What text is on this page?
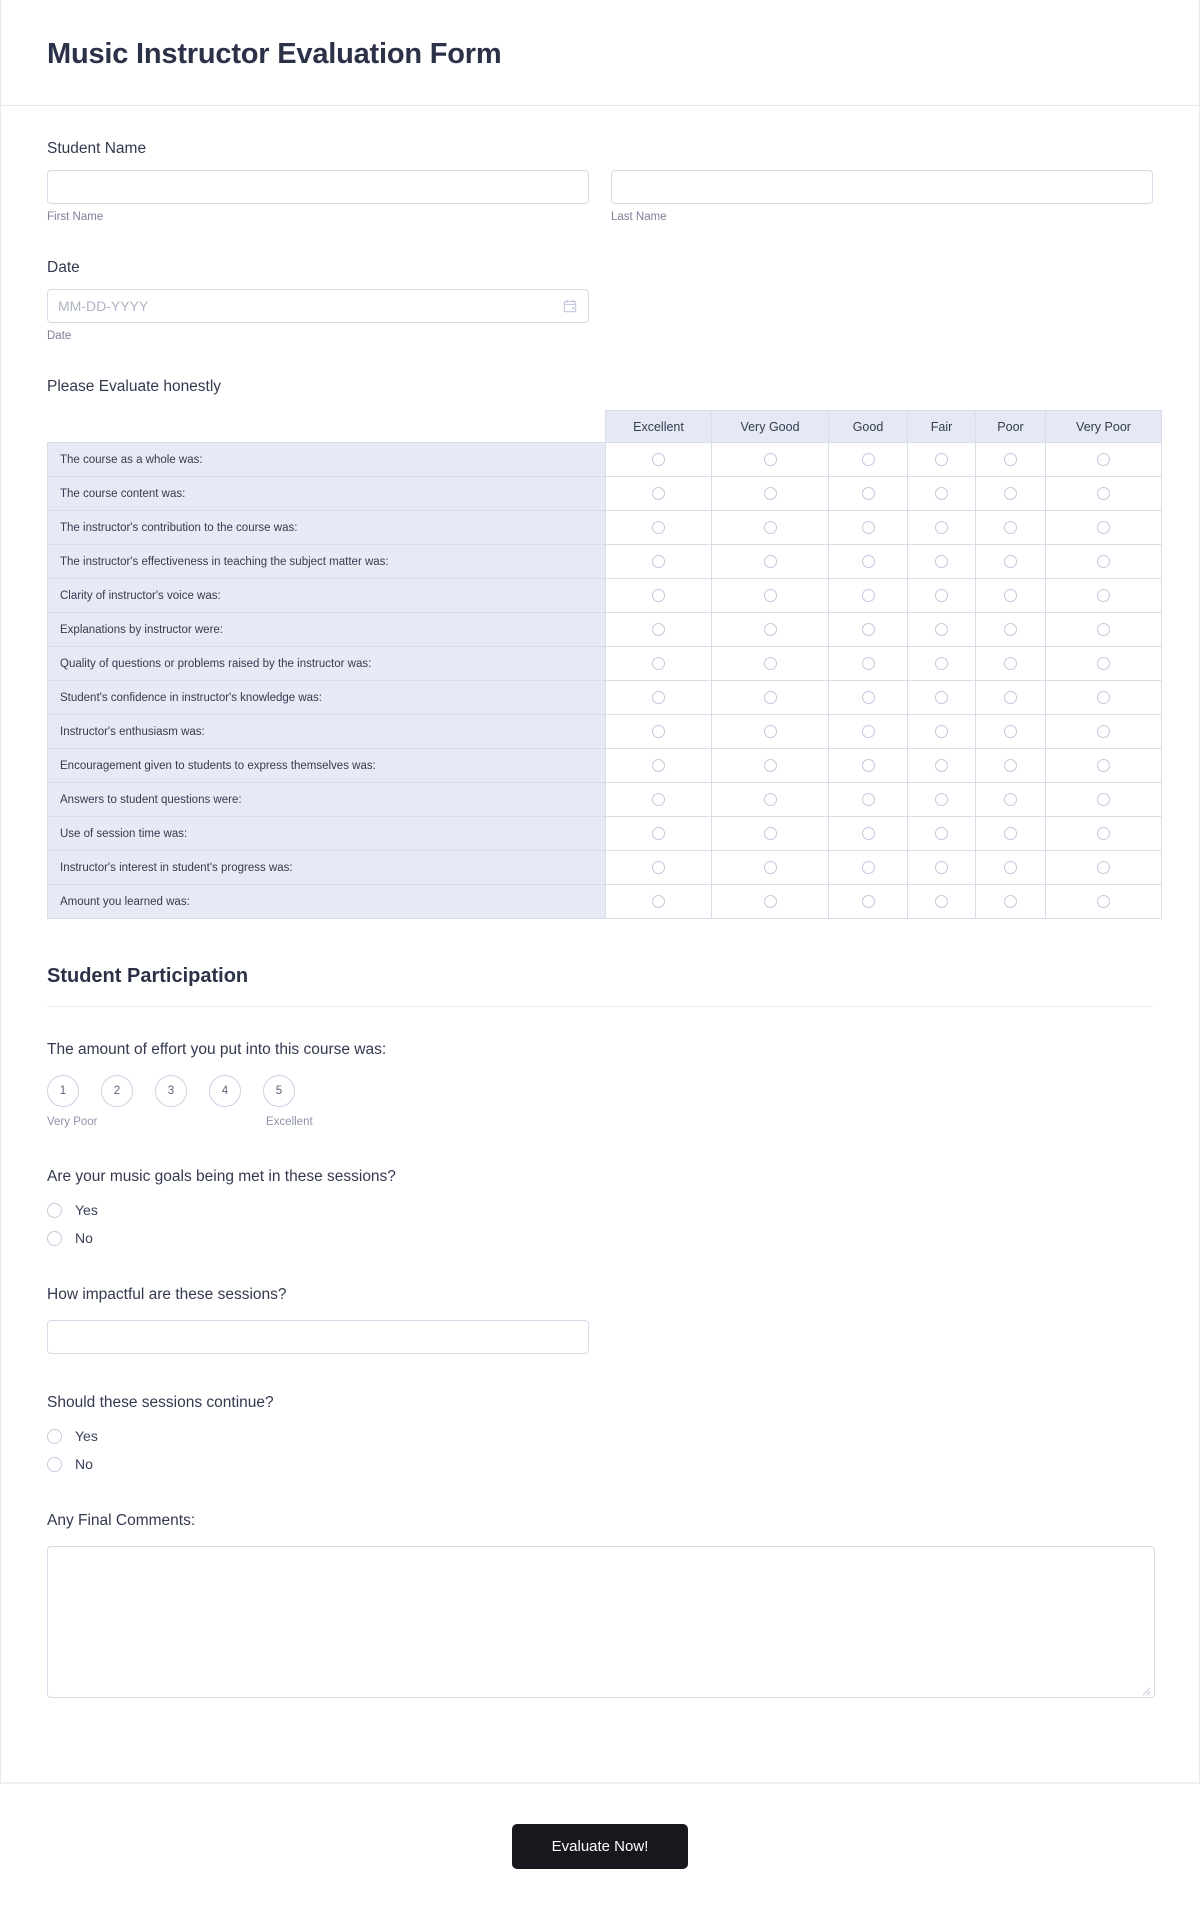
Music Instructor Evaluation Form
Student Name
First Name	Last Name
Date
MM-DD-YYYY
Date
Please Evaluate honestly
	Excellent	Very Good	Good	Fair	Poor	Very Poor
The course as a whole was:						
The course content was:						
The instructor's contribution to the course was:						
The instructor's effectiveness in teaching the subject matter was:						
Clarity of instructor's voice was:						
Explanations by instructor were:						
Quality of questions or problems raised by the instructor was:						
Student's confidence in instructor's knowledge was:						
Instructor's enthusiasm was:						
Encouragement given to students to express themselves was:						
Answers to student questions were:						
Use of session time was:						
Instructor's interest in student's progress was:						
Amount you learned was:						
Student Participation
The amount of effort you put into this course was:
1	2	3	4	5
Very Poor	Excellent
Are your music goals being met in these sessions?
Yes
No
How impactful are these sessions?
Should these sessions continue?
Yes
No
Any Final Comments:
Evaluate Now!
